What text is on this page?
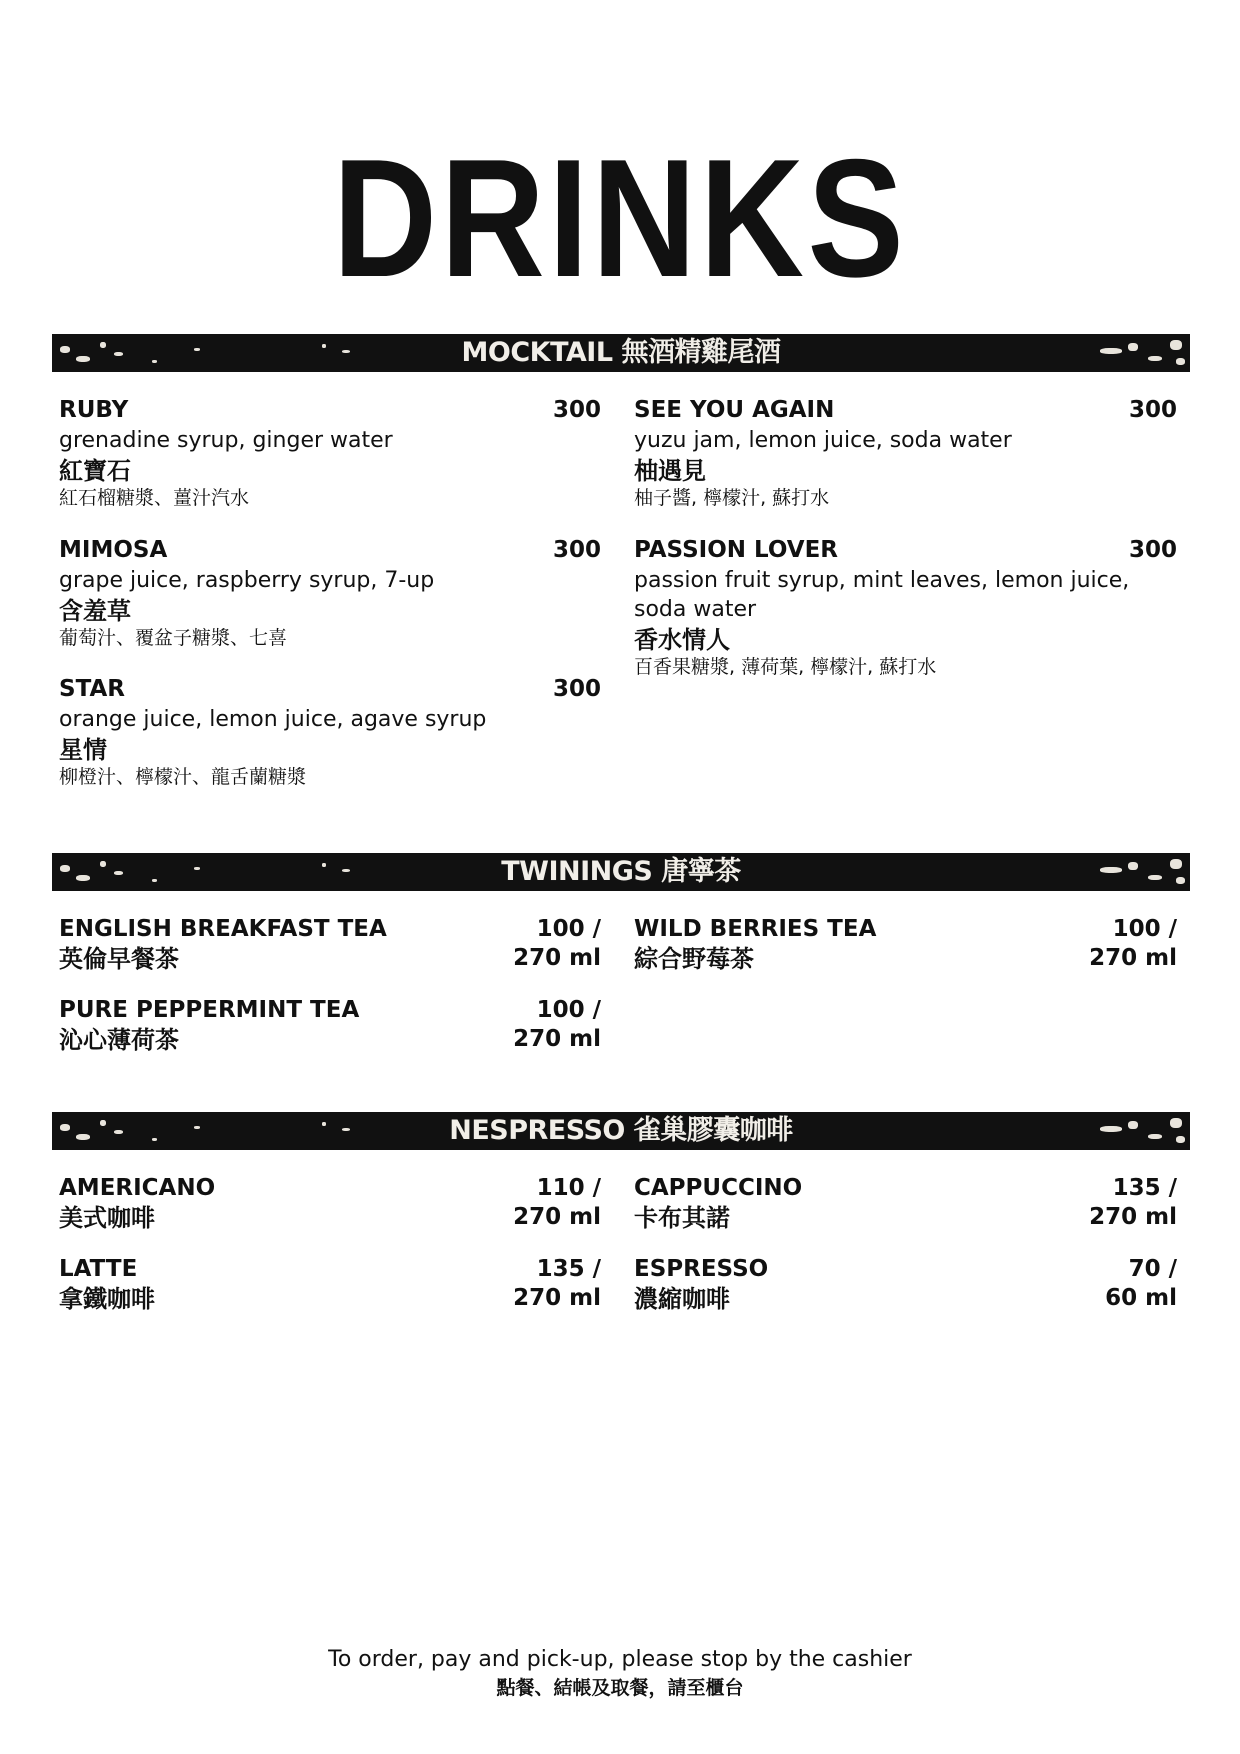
DRINKS
MOCKTAIL 無酒精雞尾酒
RUBY	300
grenadine syrup, ginger water
紅寶石
紅石榴糖漿、薑汁汽水
SEE YOU AGAIN	300
yuzu jam, lemon juice, soda water
柚遇見
柚子醬, 檸檬汁, 蘇打水
MIMOSA	300
grape juice, raspberry syrup, 7-up
含羞草
葡萄汁、覆盆子糖漿、七喜
PASSION LOVER	300
passion fruit syrup, mint leaves, lemon juice,
soda water
香水情人
百香果糖漿, 薄荷葉, 檸檬汁, 蘇打水
STAR	300
orange juice, lemon juice, agave syrup
星情
柳橙汁、檸檬汁、龍舌蘭糖漿
TWININGS 唐寧茶
ENGLISH BREAKFAST TEA
英倫早餐茶
100 /
270 ml
WILD BERRIES TEA
綜合野莓茶
100 /
270 ml
PURE PEPPERMINT TEA
沁心薄荷茶
100 /
270 ml
NESPRESSO 雀巢膠囊咖啡
AMERICANO
美式咖啡
110 /
270 ml
CAPPUCCINO
卡布其諾
135 /
270 ml
LATTE
拿鐵咖啡
135 /
270 ml
ESPRESSO
濃縮咖啡
70 /
60 ml
To order, pay and pick-up, please stop by the cashier
點餐、結帳及取餐，請至櫃台
